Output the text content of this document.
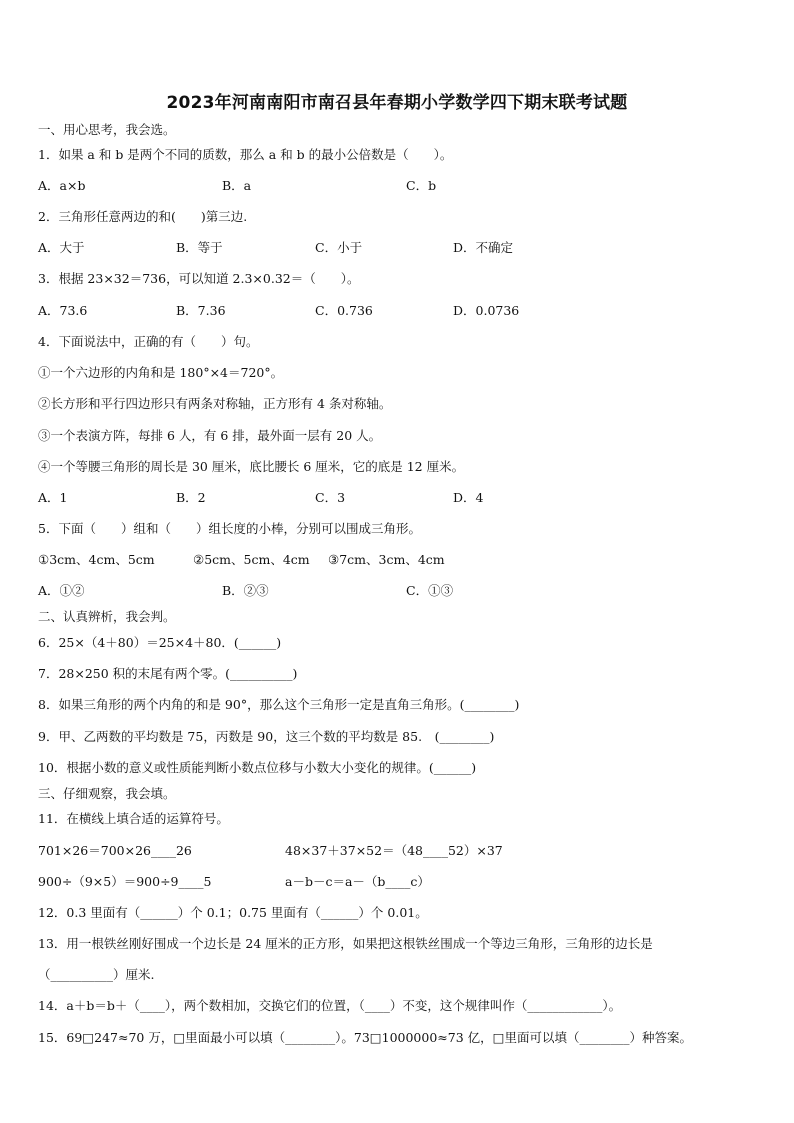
2023年河南南阳市南召县年春期小学数学四下期末联考试题
一、用心思考，我会选。
1．如果 a 和 b 是两个不同的质数，那么 a 和 b 的最小公倍数是（　　）。
A．a×b	B．a	C．b
2．三角形任意两边的和(　　)第三边.
A．大于	B．等于	C．小于	D．不确定
3．根据 23×32＝736，可以知道 2.3×0.32＝（　　）。
A．73.6	B．7.36	C．0.736	D．0.0736
4．下面说法中，正确的有（　　）句。
①一个六边形的内角和是 180°×4＝720°。
②长方形和平行四边形只有两条对称轴，正方形有 4 条对称轴。
③一个表演方阵，每排 6 人，有 6 排，最外面一层有 20 人。
④一个等腰三角形的周长是 30 厘米，底比腰长 6 厘米，它的底是 12 厘米。
A．1	B．2	C．3	D．4
5．下面（　　）组和（　　）组长度的小棒，分别可以围成三角形。
①3cm、4cm、5cm	②5cm、5cm、4cm ③7cm、3cm、4cm
A．①②	B．②③	C．①③
二、认真辨析，我会判。
6．25×（4＋80）＝25×4＋80．(______)
7．28×250 积的末尾有两个零。(__________)
8．如果三角形的两个内角的和是 90°，那么这个三角形一定是直角三角形。(________)
9．甲、乙两数的平均数是 75，丙数是 90，这三个数的平均数是 85.　(________)
10．根据小数的意义或性质能判断小数点位移与小数大小变化的规律。(______)
三、仔细观察，我会填。
11．在横线上填合适的运算符号。
701×26＝700×26____26	48×37＋37×52＝（48____52）×37
900÷（9×5）＝900÷9____5	a－b－c＝a－（b____c）
12．0.3 里面有（______）个 0.1；0.75 里面有（______）个 0.01。
13．用一根铁丝刚好围成一个边长是 24 厘米的正方形，如果把这根铁丝围成一个等边三角形，三角形的边长是
（__________）厘米.
14．a＋b＝b＋（____），两个数相加，交换它们的位置，（____）不变，这个规律叫作（____________）。
15．69□247≈70 万，□里面最小可以填（________）。73□1000000≈73 亿，□里面可以填（________）种答案。
